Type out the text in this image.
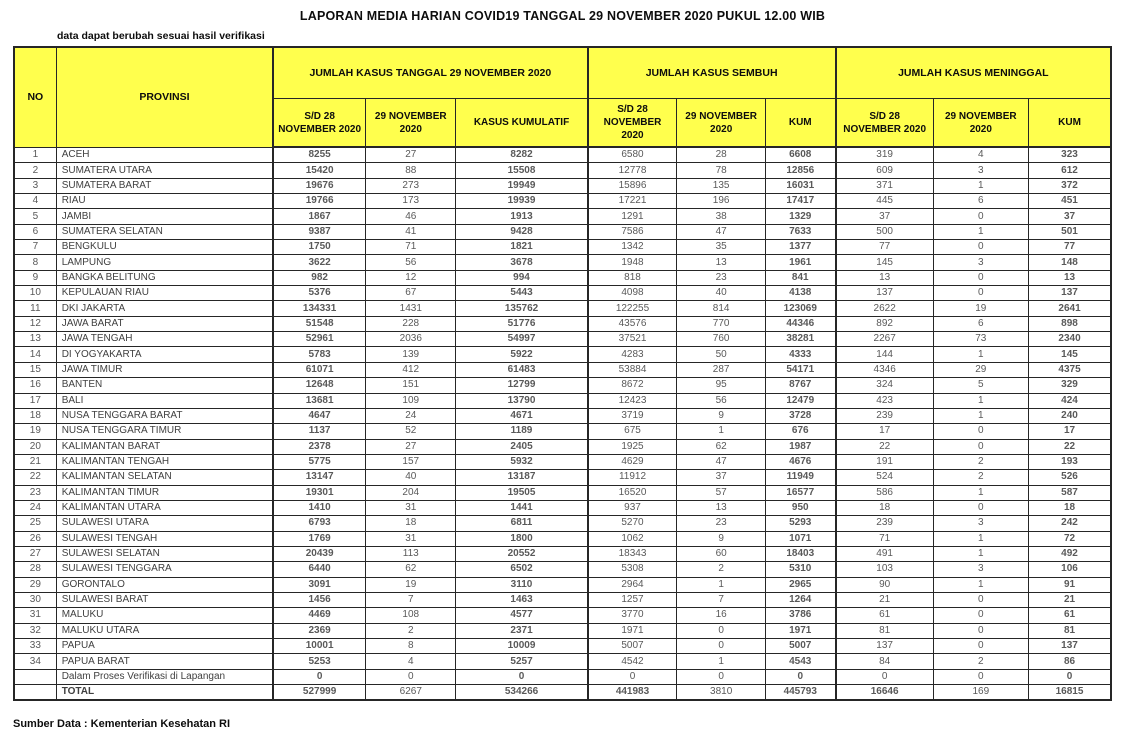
LAPORAN MEDIA HARIAN COVID19 TANGGAL 29 NOVEMBER 2020 PUKUL 12.00 WIB
data dapat berubah sesuai hasil verifikasi
NO	PROVINSI	JUMLAH KASUS TANGGAL 29 NOVEMBER 2020			JUMLAH KASUS SEMBUH			JUMLAH KASUS MENINGGAL		
		S/D 28 NOVEMBER 2020	29 NOVEMBER 2020	KASUS KUMULATIF	S/D 28 NOVEMBER 2020	29 NOVEMBER 2020	KUM	S/D 28 NOVEMBER 2020	29 NOVEMBER 2020	KUM
1	ACEH	8255	27	8282	6580	28	6608	319	4	323
2	SUMATERA UTARA	15420	88	15508	12778	78	12856	609	3	612
3	SUMATERA BARAT	19676	273	19949	15896	135	16031	371	1	372
4	RIAU	19766	173	19939	17221	196	17417	445	6	451
5	JAMBI	1867	46	1913	1291	38	1329	37	0	37
6	SUMATERA SELATAN	9387	41	9428	7586	47	7633	500	1	501
7	BENGKULU	1750	71	1821	1342	35	1377	77	0	77
8	LAMPUNG	3622	56	3678	1948	13	1961	145	3	148
9	BANGKA BELITUNG	982	12	994	818	23	841	13	0	13
10	KEPULAUAN RIAU	5376	67	5443	4098	40	4138	137	0	137
11	DKI JAKARTA	134331	1431	135762	122255	814	123069	2622	19	2641
12	JAWA BARAT	51548	228	51776	43576	770	44346	892	6	898
13	JAWA TENGAH	52961	2036	54997	37521	760	38281	2267	73	2340
14	DI YOGYAKARTA	5783	139	5922	4283	50	4333	144	1	145
15	JAWA TIMUR	61071	412	61483	53884	287	54171	4346	29	4375
16	BANTEN	12648	151	12799	8672	95	8767	324	5	329
17	BALI	13681	109	13790	12423	56	12479	423	1	424
18	NUSA TENGGARA BARAT	4647	24	4671	3719	9	3728	239	1	240
19	NUSA TENGGARA TIMUR	1137	52	1189	675	1	676	17	0	17
20	KALIMANTAN BARAT	2378	27	2405	1925	62	1987	22	0	22
21	KALIMANTAN TENGAH	5775	157	5932	4629	47	4676	191	2	193
22	KALIMANTAN SELATAN	13147	40	13187	11912	37	11949	524	2	526
23	KALIMANTAN TIMUR	19301	204	19505	16520	57	16577	586	1	587
24	KALIMANTAN UTARA	1410	31	1441	937	13	950	18	0	18
25	SULAWESI UTARA	6793	18	6811	5270	23	5293	239	3	242
26	SULAWESI TENGAH	1769	31	1800	1062	9	1071	71	1	72
27	SULAWESI SELATAN	20439	113	20552	18343	60	18403	491	1	492
28	SULAWESI TENGGARA	6440	62	6502	5308	2	5310	103	3	106
29	GORONTALO	3091	19	3110	2964	1	2965	90	1	91
30	SULAWESI BARAT	1456	7	1463	1257	7	1264	21	0	21
31	MALUKU	4469	108	4577	3770	16	3786	61	0	61
32	MALUKU UTARA	2369	2	2371	1971	0	1971	81	0	81
33	PAPUA	10001	8	10009	5007	0	5007	137	0	137
34	PAPUA BARAT	5253	4	5257	4542	1	4543	84	2	86
	Dalam Proses Verifikasi di Lapangan	0	0	0	0	0	0	0	0	0
	TOTAL	527999	6267	534266	441983	3810	445793	16646	169	16815
Sumber Data : Kementerian Kesehatan RI
